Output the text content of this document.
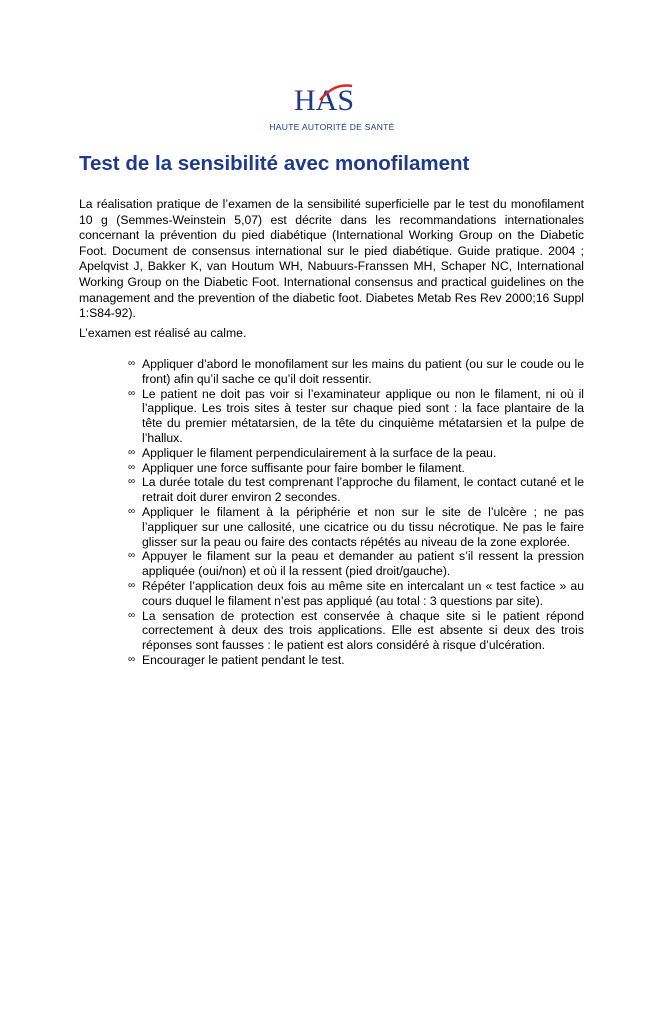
HAS
HAUTE AUTORITÉ DE SANTÉ
Test de la sensibilité avec monofilament

La réalisation pratique de l’examen de la sensibilité superficielle par le test du monofilament 10 g (Semmes-Weinstein 5,07) est décrite dans les recommandations internationales concernant la prévention du pied diabétique (International Working Group on the Diabetic Foot. Document de consensus international sur le pied diabétique. Guide pratique. 2004 ; Apelqvist J, Bakker K, van Houtum WH, Nabuurs-Franssen MH, Schaper NC, International Working Group on the Diabetic Foot. International consensus and practical guidelines on the management and the prevention of the diabetic foot. Diabetes Metab Res Rev 2000;16 Suppl 1:S84-92).

L’examen est réalisé au calme.

∞ Appliquer d’abord le monofilament sur les mains du patient (ou sur le coude ou le front) afin qu’il sache ce qu’il doit ressentir.
∞ Le patient ne doit pas voir si l’examinateur applique ou non le filament, ni où il l’applique. Les trois sites à tester sur chaque pied sont : la face plantaire de la tête du premier métatarsien, de la tête du cinquième métatarsien et la pulpe de l’hallux.
∞ Appliquer le filament perpendiculairement à la surface de la peau.
∞ Appliquer une force suffisante pour faire bomber le filament.
∞ La durée totale du test comprenant l’approche du filament, le contact cutané et le retrait doit durer environ 2 secondes.
∞ Appliquer le filament à la périphérie et non sur le site de l’ulcère ; ne pas l’appliquer sur une callosité, une cicatrice ou du tissu nécrotique. Ne pas le faire glisser sur la peau ou faire des contacts répétés au niveau de la zone explorée.
∞ Appuyer le filament sur la peau et demander au patient s’il ressent la pression appliquée (oui/non) et où il la ressent (pied droit/gauche).
∞ Répéter l’application deux fois au même site en intercalant un « test factice » au cours duquel le filament n’est pas appliqué (au total : 3 questions par site).
∞ La sensation de protection est conservée à chaque site si le patient répond correctement à deux des trois applications. Elle est absente si deux des trois réponses sont fausses : le patient est alors considéré à risque d’ulcération.
∞ Encourager le patient pendant le test.
